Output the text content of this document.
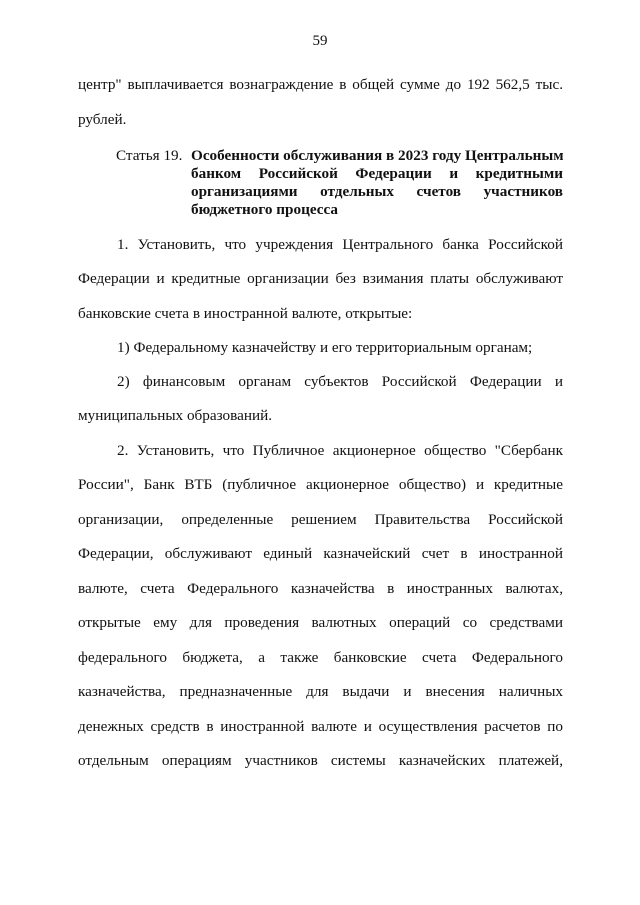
59
центр" выплачивается вознаграждение в общей сумме до 192 562,5 тыс.
рублей.
Статья 19. Особенности обслуживания в 2023 году Центральным
банком Российской Федерации и кредитными
организациями отдельных счетов участников
бюджетного процесса
1. Установить, что учреждения Центрального банка Российской
Федерации и кредитные организации без взимания платы обслуживают
банковские счета в иностранной валюте, открытые:
1) Федеральному казначейству и его территориальным органам;
2) финансовым органам субъектов Российской Федерации и
муниципальных образований.
2. Установить, что Публичное акционерное общество "Сбербанк
России", Банк ВТБ (публичное акционерное общество) и кредитные
организации, определенные решением Правительства Российской
Федерации, обслуживают единый казначейский счет в иностранной
валюте, счета Федерального казначейства в иностранных валютах,
открытые ему для проведения валютных операций со средствами
федерального бюджета, а также банковские счета Федерального
казначейства, предназначенные для выдачи и внесения наличных
денежных средств в иностранной валюте и осуществления расчетов по
отдельным операциям участников системы казначейских платежей,
